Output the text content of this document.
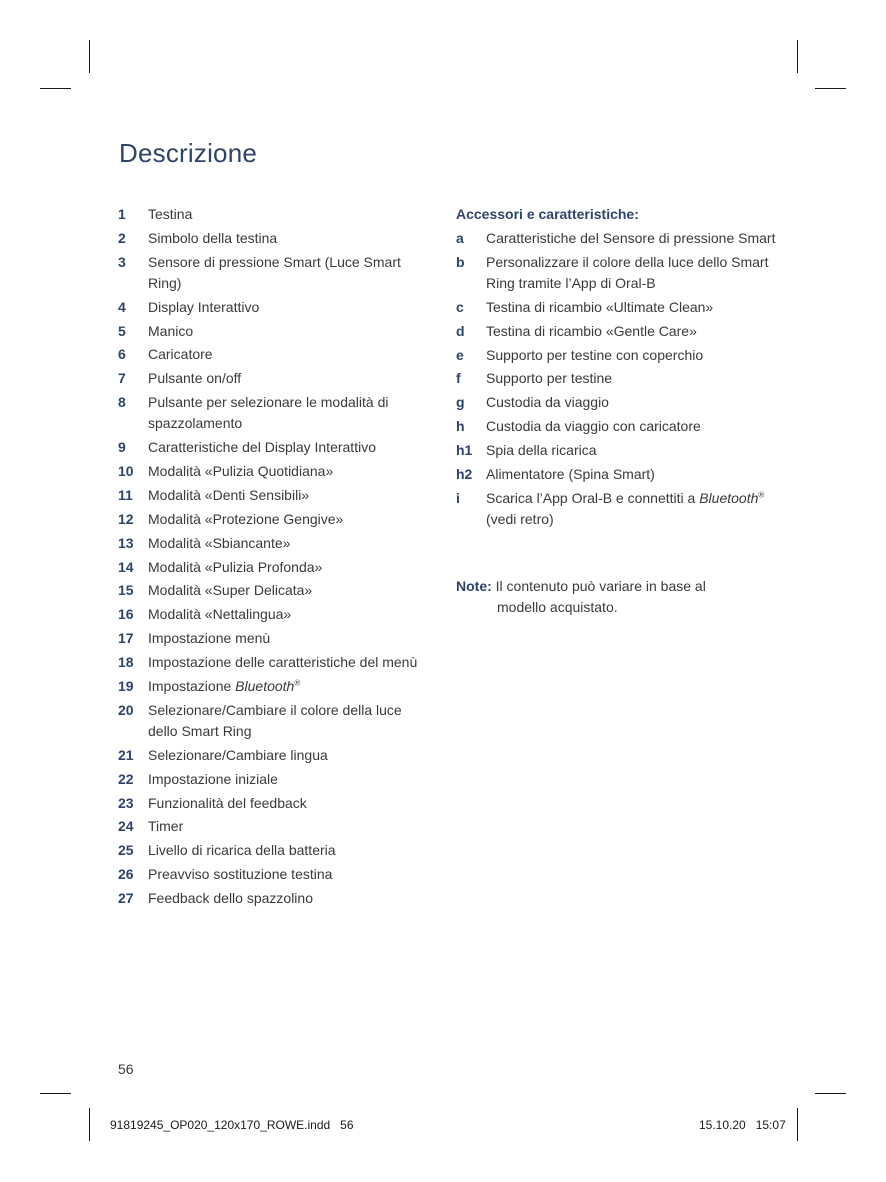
Descrizione
1	Testina
2	Simbolo della testina
3	Sensore di pressione Smart (Luce Smart Ring)
4	Display Interattivo
5	Manico
6	Caricatore
7	Pulsante on/off
8	Pulsante per selezionare le modalità di spazzolamento
9	Caratteristiche del Display Interattivo
10	Modalità «Pulizia Quotidiana»
11	Modalità «Denti Sensibili»
12	Modalità «Protezione Gengive»
13	Modalità «Sbiancante»
14	Modalità «Pulizia Profonda»
15	Modalità «Super Delicata»
16	Modalità «Nettalingua»
17	Impostazione menù
18	Impostazione delle caratteristiche del menù
19	Impostazione Bluetooth®
20	Selezionare/Cambiare il colore della luce dello Smart Ring
21	Selezionare/Cambiare lingua
22	Impostazione iniziale
23	Funzionalità del feedback
24	Timer
25	Livello di ricarica della batteria
26	Preavviso sostituzione testina
27	Feedback dello spazzolino
Accessori e caratteristiche:
a	Caratteristiche del Sensore di pressione Smart
b	Personalizzare il colore della luce dello Smart Ring tramite l’App di Oral-B
c	Testina di ricambio «Ultimate Clean»
d	Testina di ricambio «Gentle Care»
e	Supporto per testine con coperchio
f	Supporto per testine
g	Custodia da viaggio
h	Custodia da viaggio con caricatore
h1 Spia della ricarica
h2 Alimentatore (Spina Smart)
i	Scarica l’App Oral-B e connettiti a Bluetooth® (vedi retro)
Note: Il contenuto può variare in base al
modello acquistato.
56
91819245_OP020_120x170_ROWE.indd   56	15.10.20   15:07
